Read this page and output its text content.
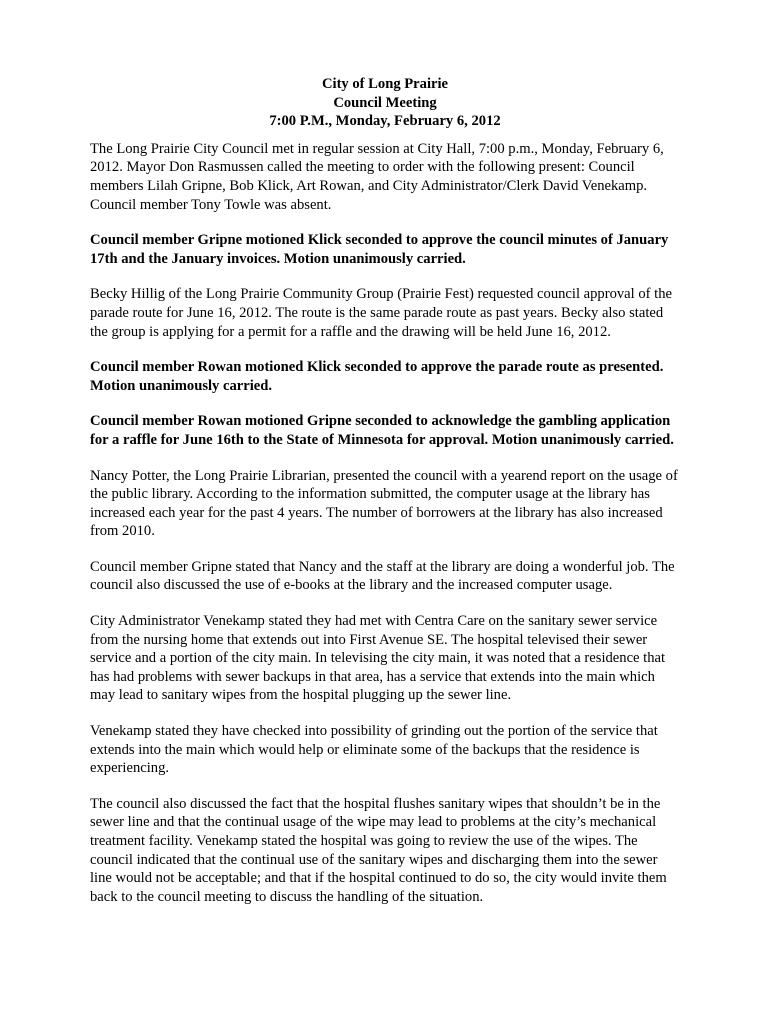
City of Long Prairie
Council Meeting
7:00 P.M., Monday, February 6, 2012

The Long Prairie City Council met in regular session at City Hall, 7:00 p.m., Monday, February 6, 2012. Mayor Don Rasmussen called the meeting to order with the following present: Council members Lilah Gripne, Bob Klick, Art Rowan, and City Administrator/Clerk David Venekamp. Council member Tony Towle was absent.

Council member Gripne motioned Klick seconded to approve the council minutes of January 17th and the January invoices. Motion unanimously carried.

Becky Hillig of the Long Prairie Community Group (Prairie Fest) requested council approval of the parade route for June 16, 2012. The route is the same parade route as past years. Becky also stated the group is applying for a permit for a raffle and the drawing will be held June 16, 2012.

Council member Rowan motioned Klick seconded to approve the parade route as presented. Motion unanimously carried.

Council member Rowan motioned Gripne seconded to acknowledge the gambling application for a raffle for June 16th to the State of Minnesota for approval. Motion unanimously carried.

Nancy Potter, the Long Prairie Librarian, presented the council with a yearend report on the usage of the public library. According to the information submitted, the computer usage at the library has increased each year for the past 4 years. The number of borrowers at the library has also increased from 2010.

Council member Gripne stated that Nancy and the staff at the library are doing a wonderful job. The council also discussed the use of e-books at the library and the increased computer usage.

City Administrator Venekamp stated they had met with Centra Care on the sanitary sewer service from the nursing home that extends out into First Avenue SE. The hospital televised their sewer service and a portion of the city main. In televising the city main, it was noted that a residence that has had problems with sewer backups in that area, has a service that extends into the main which may lead to sanitary wipes from the hospital plugging up the sewer line.

Venekamp stated they have checked into possibility of grinding out the portion of the service that extends into the main which would help or eliminate some of the backups that the residence is experiencing.

The council also discussed the fact that the hospital flushes sanitary wipes that shouldn’t be in the sewer line and that the continual usage of the wipe may lead to problems at the city’s mechanical treatment facility. Venekamp stated the hospital was going to review the use of the wipes. The council indicated that the continual use of the sanitary wipes and discharging them into the sewer line would not be acceptable; and that if the hospital continued to do so, the city would invite them back to the council meeting to discuss the handling of the situation.
